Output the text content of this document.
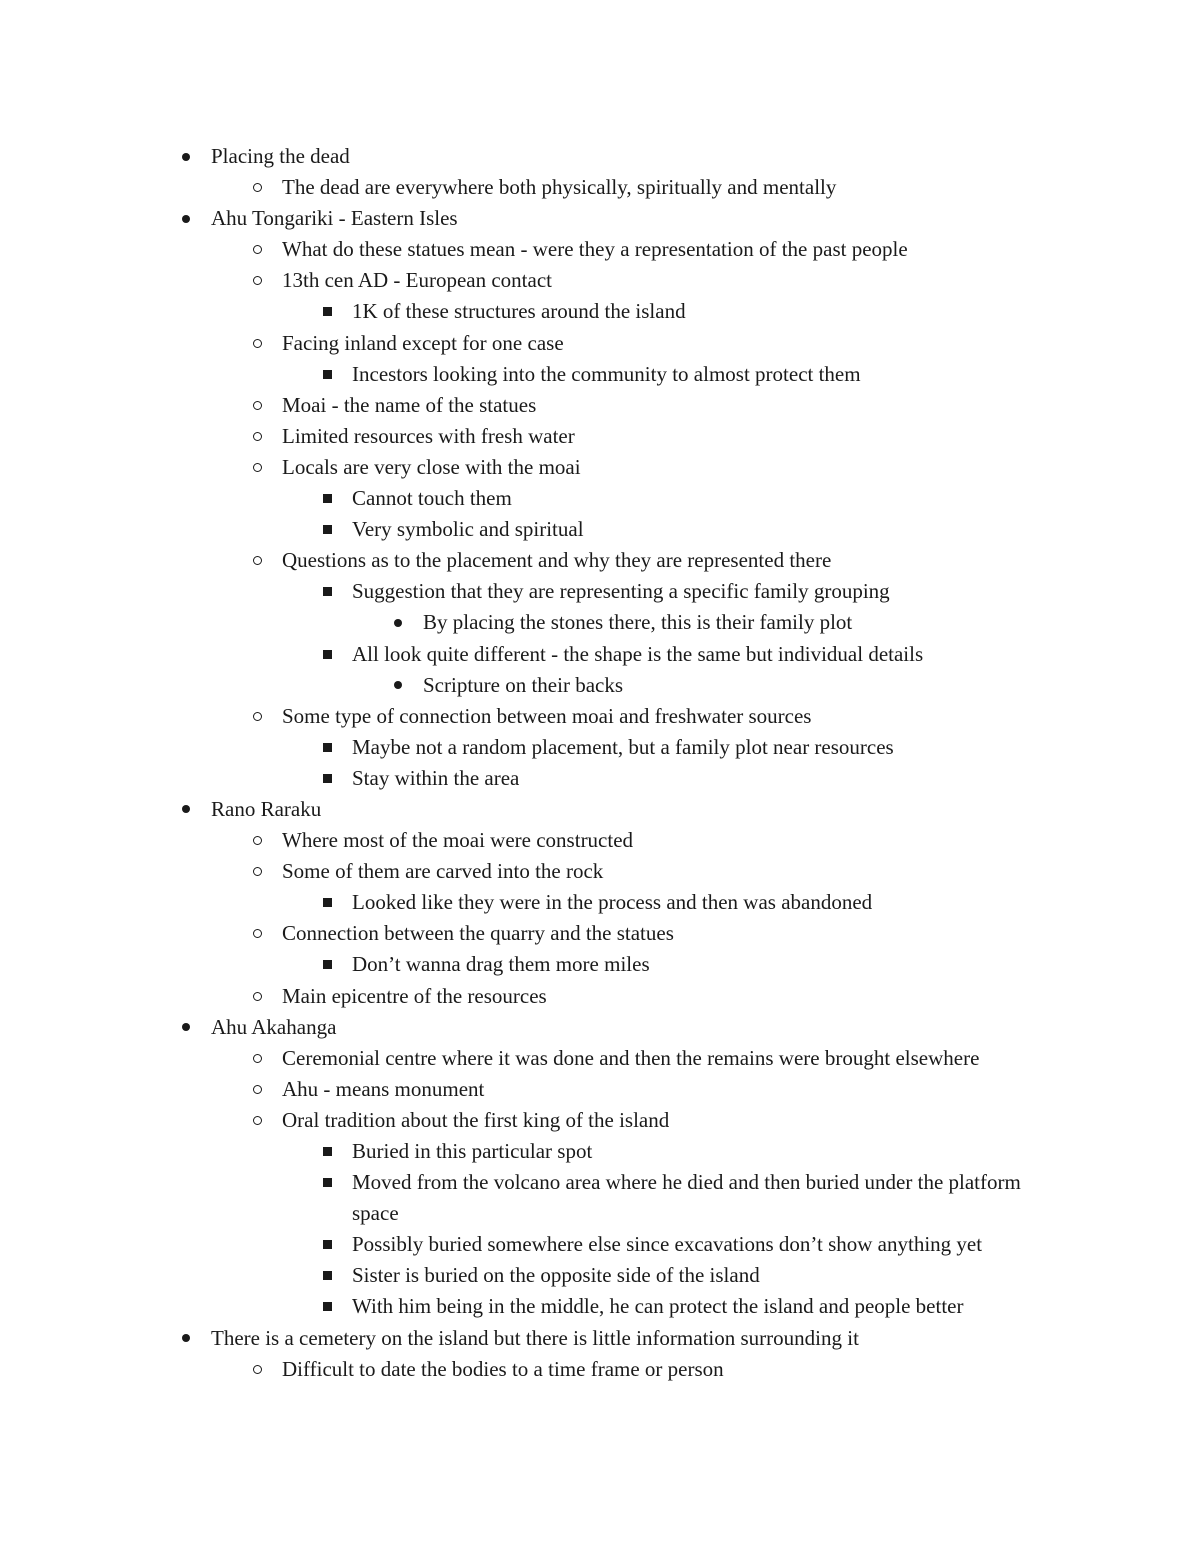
Placing the dead
The dead are everywhere both physically, spiritually and mentally
Ahu Tongariki - Eastern Isles
What do these statues mean - were they a representation of the past people
13th cen AD - European contact
1K of these structures around the island
Facing inland except for one case
Incestors looking into the community to almost protect them
Moai - the name of the statues
Limited resources with fresh water
Locals are very close with the moai
Cannot touch them
Very symbolic and spiritual
Questions as to the placement and why they are represented there
Suggestion that they are representing a specific family grouping
By placing the stones there, this is their family plot
All look quite different - the shape is the same but individual details
Scripture on their backs
Some type of connection between moai and freshwater sources
Maybe not a random placement, but a family plot near resources
Stay within the area
Rano Raraku
Where most of the moai were constructed
Some of them are carved into the rock
Looked like they were in the process and then was abandoned
Connection between the quarry and the statues
Don’t wanna drag them more miles
Main epicentre of the resources
Ahu Akahanga
Ceremonial centre where it was done and then the remains were brought elsewhere
Ahu - means monument
Oral tradition about the first king of the island
Buried in this particular spot
Moved from the volcano area where he died and then buried under the platform space
Possibly buried somewhere else since excavations don’t show anything yet
Sister is buried on the opposite side of the island
With him being in the middle, he can protect the island and people better
There is a cemetery on the island but there is little information surrounding it
Difficult to date the bodies to a time frame or person
